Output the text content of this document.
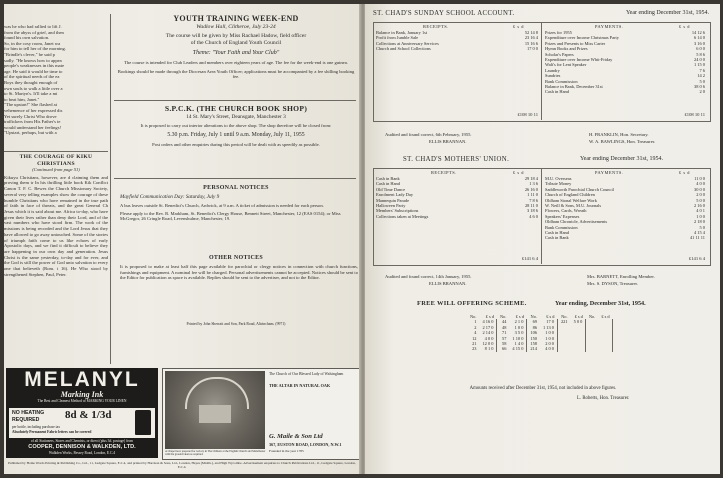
was he who had rallied to lift J.
from the abyss of grief, and then
found his own salvation.
So, in the cosy room, Janet wa
for him to tell her of the morning.
"Brindle's clever," he said p
sadly. "He knows how to appea
people's weaknesses in this mate
age. He said it would be time to
of the spiritual needs of the ea
Boys they thought enough of
own souls to walk a little over a
to St. Martyn's. It'll take a mi
to beat him, Janet."
"The upstart!" She flashed at
vehemence of her expressed dis
Yet surely Christ Who drove
traffickers from His Father's te
would understand her feelings!
"Upstart, perhaps, but with a
THE COURAGE OF KIKU CHRISTIANS
(Continued from page 51)
Kikuyu Christians, however, are d claiming them and proving them tr In his thrilling little book Kik Conflict Canon T. F. C. Bewes the Church Missionary Society, several very telling examples show the courage of these humble Christians who have remained in the true path of faith in face of threats, and the great General Ch Jesus which it is said about me. Africa to-day, who have given their lives rather than deny their Lord, and of the vast numbers who have stood firm. The work of the missions is being recorded and the Lord Jesus that they have allowed to go away untouched. Some of the stories of triumph faith come to us like echoes of early Apostolic days, and we find it difficult to believe they are happening in our own day and generation. Jesus Christ is the same yesterday, to-day and for ever, and the God is still the power of God unto salvation to every one that believeth (Rom. i 16). He Who stood by strengthened Stephen, Paul, Peter.
YOUTH TRAINING WEEK-END
Wadlow Hall, Clitheroe, July 23-24
The course will be given by Miss Rachael Hadow, field officer
of the Church of England Youth Council
Theme: "Your Faith and Your Club"
The course is intended for Club Leaders and members over eighteen years of age. The fee for the week-end is one guinea.
Bookings should be made through the Diocesan Area Youth Officer; applications must be accompanied by a fee shilling booking fee.
S.P.C.K. (THE CHURCH BOOK SHOP)
14 St. Mary's Street, Deansgate, Manchester 3
It is proposed to carry out interior alterations to the above shop. The shop therefore will be closed from:
5.30 p.m. Friday, July 1 until 9 a.m. Monday, July 11, 1955
Post orders and other enquiries during this period will be dealt with as speedily as possible.
PERSONAL NOTICES
Mayfield Communication Day: Saturday, July 9
A bus leaves outside St. Benedict's Church, Ardwick, at 9 a.m. A ticket of admission is needed for each person.
Please apply to the Rev. R. Markham, St. Benedict's Clergy House, Bennett Street, Manchester, 12 (EAS 0154); or Miss McGregor, 26 Cringle Road, Levenshulme, Manchester, 19.
OTHER NOTICES
It is proposed to make at least half this page available for parochial or clergy notices in connection with church functions, furnishings and equipment. A nominal fee will be charged. Personal advertisements cannot be accepted. Notices should be sent to the Editor for publication as space is available. Replies should be sent to the advertiser, and not to the Editor.
Printed by John Sherratt and Son, Park Road, Altrincham. (9971)
MELANYL
Marking Ink
The Best and Cleanest Method of MARKING YOUR LINEN
NO HEATING REQUIRED	8d & 1/3d
per bottle, including purchase tax
Absolutely Permanent Fabric letters can be covered
of all Stationers, Stores and Chemists, or direct (plus 3d. postage) from
COOPER, DENNISON & WALKDEN, LTD.
Walkden Works, Bessey Road, London, E.C.4
The Church of Our Blessed Lady of Walsingham
THE ALTAR IN NATURAL OAK
A Chapel now prepared for rectory in The Chiltern at the English Church and Manchester with the ground taken as required.
G. Maile & Son Ltd
367, EUSTON ROAD, LONDON, N.W.1
Founded in the year 1785
Published by Home Words Printing & Publishing Co., Ltd., 11, Ludgate Square, E.C.4, and printed by Harrison & Sons, Ltd., London, Hayes (Middx.), and High Wycombe. Advertisement enquiries to Church Publications Ltd., 11, Ludgate Square, London, E.C.4.
ST. CHAD'S SUNDAY SCHOOL ACCOUNT.	Year ending December 31st, 1954.
RECEIPTS.	PAYMENTS.
£  s  d	£  s  d
Balance in Bank, January 1st	52 14 8
Profit from Jumble Sale	23 16 4
Collections at Anniversary Services	15 16 6
Church and School Collections	17 0 0
Prizes for 1955	14 12 6
Expenditure over Income Christmas Party	6 14 0
Prizes and Presents to Miss Carter	3 16 0
Hymn Books and Prizes	6 0 0
Scholar's Papers	5 8 6
Expenditure over Income Whit-Friday	24 0 0
Walt's for Lent Speaker	1 15 0
Laundry	7 6
Sundries	14 2
Bank Commission	5 0
Balance in Bank, December 31st	38 0 6
Cash in Hand	2 0
£108 10 11	£108 10 11
Audited and found correct, 6th February, 1955.
ELLIS BRANNAN.
H. FRANKLIN, Hon. Secretary.
W. A. BAWLINGS, Hon. Treasurer.
ST. CHAD'S MOTHERS' UNION.	Year ending December 31st, 1954.
RECEIPTS.	PAYMENTS.
£  s  d	£  s  d
Cash in Bank	29 18 4
Cash in Hand	1 3 6
Old Time Dance	26 16 0
Enrolment Lady Day	1 11 0
Mannequin Parade	7 8 6
Halloween Party	28 11 0
Members' Subscriptions	3 18 6
Collections taken at Meetings	4 6 0
M.U. Overseas	11 0 0
Tribute Money	4 0 0
Saddleworth Parochial Church Council	30 0 0
Church of England Children	2 0 0
Oldham Stonal Welfare Work	5 0 0
W. Neill & Sons, M.U. Journals	2 16 0
Flowers, Cards, Wreath	4 0 1
Speakers' Expenses	1 0 0
Oldham Chronicle, Advertisements	2 18 0
Bank Commission	5 0
Cash in Hand	4 15 4
Cash in Bank	41 11 11
£141 6 4	£141 6 4
Audited and found correct, 14th January, 1955.
ELLIS BRANNAN.
Mrs. BARNETT, Enrolling Member.
Mrs. S. DYSON, Treasurer.
FREE WILL OFFERING SCHEME.	Year ending, December 31st, 1954.
No.	£ s d	No.	£ s d	No.	£ s d	No.	£ s d	No.	£ s d
1	4 16 0	44	2 1 0	69	17 0	221	5 0 0		
2	2 17 0	48	1 0 0	86	1 13 0				
4	2 14 0	71	3 5 0	106	1 0 0				
12	4 0 0	57	1 10 0	150	1 0 0				
21	12 0 0	58	1 4 0	158	2 0 0				
23	8 1 0	66	4 15 0	214	4 0 0				
Amounts received after December 31st, 1954, not included in above figures.
L. Roberts, Hon. Treasurer.
